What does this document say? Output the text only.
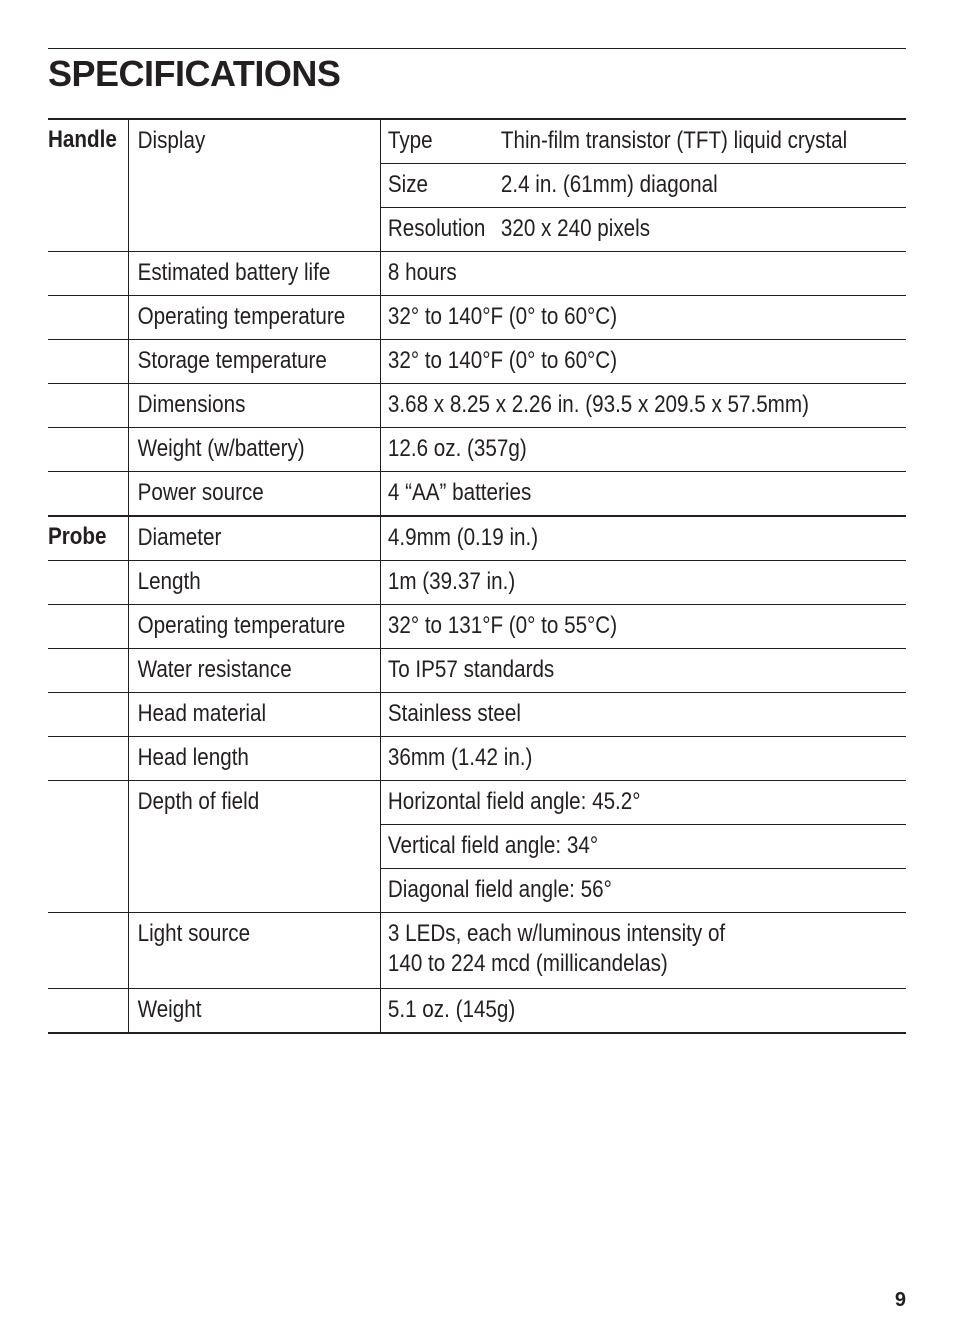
SPECIFICATIONS
Handle	Display	Type	Thin-film transistor (TFT) liquid crystal

		Size	2.4 in. (61mm) diagonal

		Resolution	320 x 240 pixels

	Estimated battery life	8 hours	

	Operating temperature	32° to 140°F (0° to 60°C)	

	Storage temperature	32° to 140°F (0° to 60°C)	

	Dimensions	3.68 x 8.25 x 2.26 in. (93.5 x 209.5 x 57.5mm)	

	Weight (w/battery)	12.6 oz. (357g)	

	Power source	4 “AA” batteries	

Probe	Diameter	4.9mm (0.19 in.)	

	Length	1m (39.37 in.)	

	Operating temperature	32° to 131°F (0° to 55°C)	

	Water resistance	To IP57 standards	

	Head material	Stainless steel	

	Head length	36mm (1.42 in.)	

	Depth of field	Horizontal field angle: 45.2°	

		Vertical field angle: 34°	

		Diagonal field angle: 56°	

	Light source	3 LEDs, each w/luminous intensity of
140 to 224 mcd (millicandelas)	

	Weight	5.1 oz. (145g)	
9
